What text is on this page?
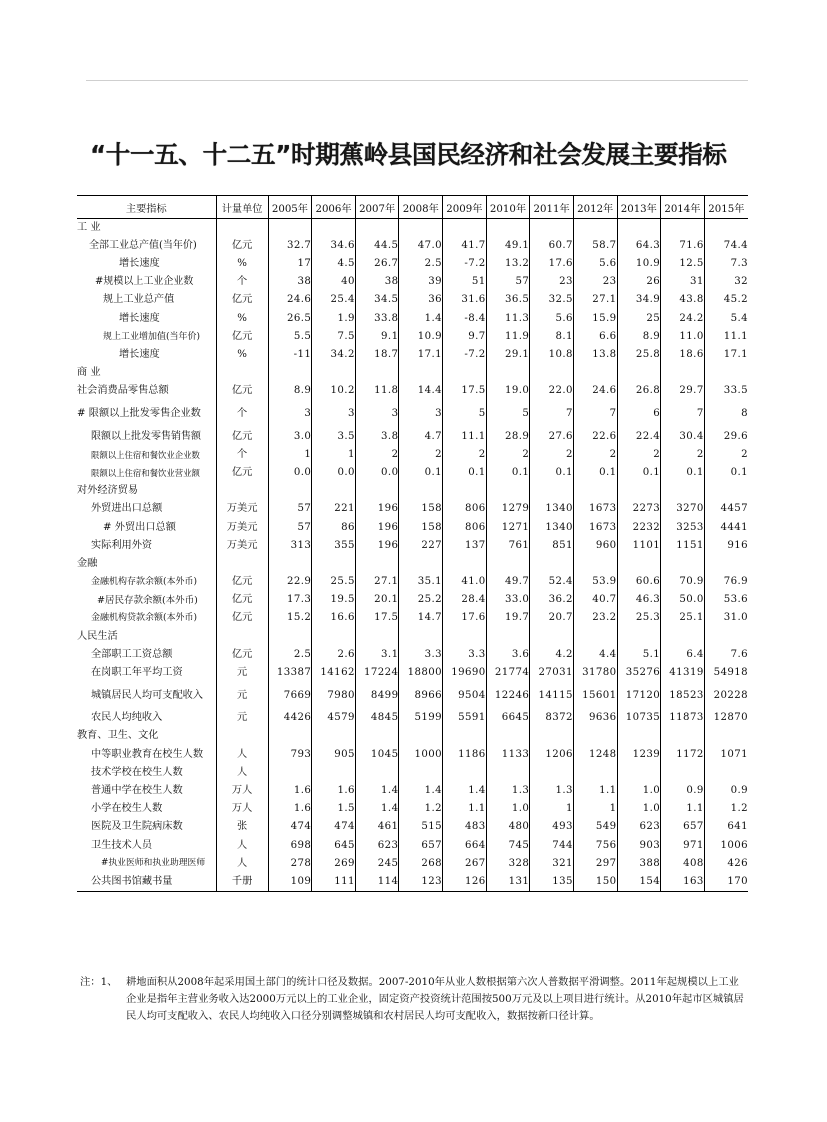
“十一五、十二五”时期蕉岭县国民经济和社会发展主要指标
主要指标	计量单位	2005年	2006年	2007年	2008年	2009年	2010年	2011年	2012年	2013年	2014年	2015年
工 业												
全部工业总产值(当年价)	亿元	32.7	34.6	44.5	47.0	41.7	49.1	60.7	58.7	64.3	71.6	74.4
增长速度	%	17	4.5	26.7	2.5	-7.2	13.2	17.6	5.6	10.9	12.5	7.3
#规模以上工业企业数	个	38	40	38	39	51	57	23	23	26	31	32
规上工业总产值	亿元	24.6	25.4	34.5	36	31.6	36.5	32.5	27.1	34.9	43.8	45.2
增长速度	%	26.5	1.9	33.8	1.4	-8.4	11.3	5.6	15.9	25	24.2	5.4
规上工业增加值(当年价)	亿元	5.5	7.5	9.1	10.9	9.7	11.9	8.1	6.6	8.9	11.0	11.1
增长速度	%	-11	34.2	18.7	17.1	-7.2	29.1	10.8	13.8	25.8	18.6	17.1
商 业												
社会消费品零售总额	亿元	8.9	10.2	11.8	14.4	17.5	19.0	22.0	24.6	26.8	29.7	33.5
# 限额以上批发零售企业数	个	3	3	3	3	5	5	7	7	6	7	8
限额以上批发零售销售额	亿元	3.0	3.5	3.8	4.7	11.1	28.9	27.6	22.6	22.4	30.4	29.6
限额以上住宿和餐饮业企业数	个	1	1	2	2	2	2	2	2	2	2	2
限额以上住宿和餐饮业营业额	亿元	0.0	0.0	0.0	0.1	0.1	0.1	0.1	0.1	0.1	0.1	0.1
对外经济贸易												
外贸进出口总额	万美元	57	221	196	158	806	1279	1340	1673	2273	3270	4457
# 外贸出口总额	万美元	57	86	196	158	806	1271	1340	1673	2232	3253	4441
实际利用外资	万美元	313	355	196	227	137	761	851	960	1101	1151	916
金融												
金融机构存款余额(本外币)	亿元	22.9	25.5	27.1	35.1	41.0	49.7	52.4	53.9	60.6	70.9	76.9
#居民存款余额(本外币)	亿元	17.3	19.5	20.1	25.2	28.4	33.0	36.2	40.7	46.3	50.0	53.6
金融机构贷款余额(本外币)	亿元	15.2	16.6	17.5	14.7	17.6	19.7	20.7	23.2	25.3	25.1	31.0
人民生活												
全部职工工资总额	亿元	2.5	2.6	3.1	3.3	3.3	3.6	4.2	4.4	5.1	6.4	7.6
在岗职工年平均工资	元	13387	14162	17224	18800	19690	21774	27031	31780	35276	41319	54918
城镇居民人均可支配收入	元	7669	7980	8499	8966	9504	12246	14115	15601	17120	18523	20228
农民人均纯收入	元	4426	4579	4845	5199	5591	6645	8372	9636	10735	11873	12870
教育、卫生、文化												
中等职业教育在校生人数	人	793	905	1045	1000	1186	1133	1206	1248	1239	1172	1071
技术学校在校生人数	人											
普通中学在校生人数	万人	1.6	1.6	1.4	1.4	1.4	1.3	1.3	1.1	1.0	0.9	0.9
小学在校生人数	万人	1.6	1.5	1.4	1.2	1.1	1.0	1	1	1.0	1.1	1.2
医院及卫生院病床数	张	474	474	461	515	483	480	493	549	623	657	641
卫生技术人员	人	698	645	623	657	664	745	744	756	903	971	1006
#执业医师和执业助理医师	人	278	269	245	268	267	328	321	297	388	408	426
公共图书馆藏书量	千册	109	111	114	123	126	131	135	150	154	163	170
注：1、 耕地面积从2008年起采用国土部门的统计口径及数据。2007-2010年从业人数根据第六次人普数据平滑调整。2011年起规模以上工业企业是指年主营业务收入达2000万元以上的工业企业，固定资产投资统计范围按500万元及以上项目进行统计。从2010年起市区城镇居民人均可支配收入、农民人均纯收入口径分别调整城镇和农村居民人均可支配收入，数据按新口径计算。
